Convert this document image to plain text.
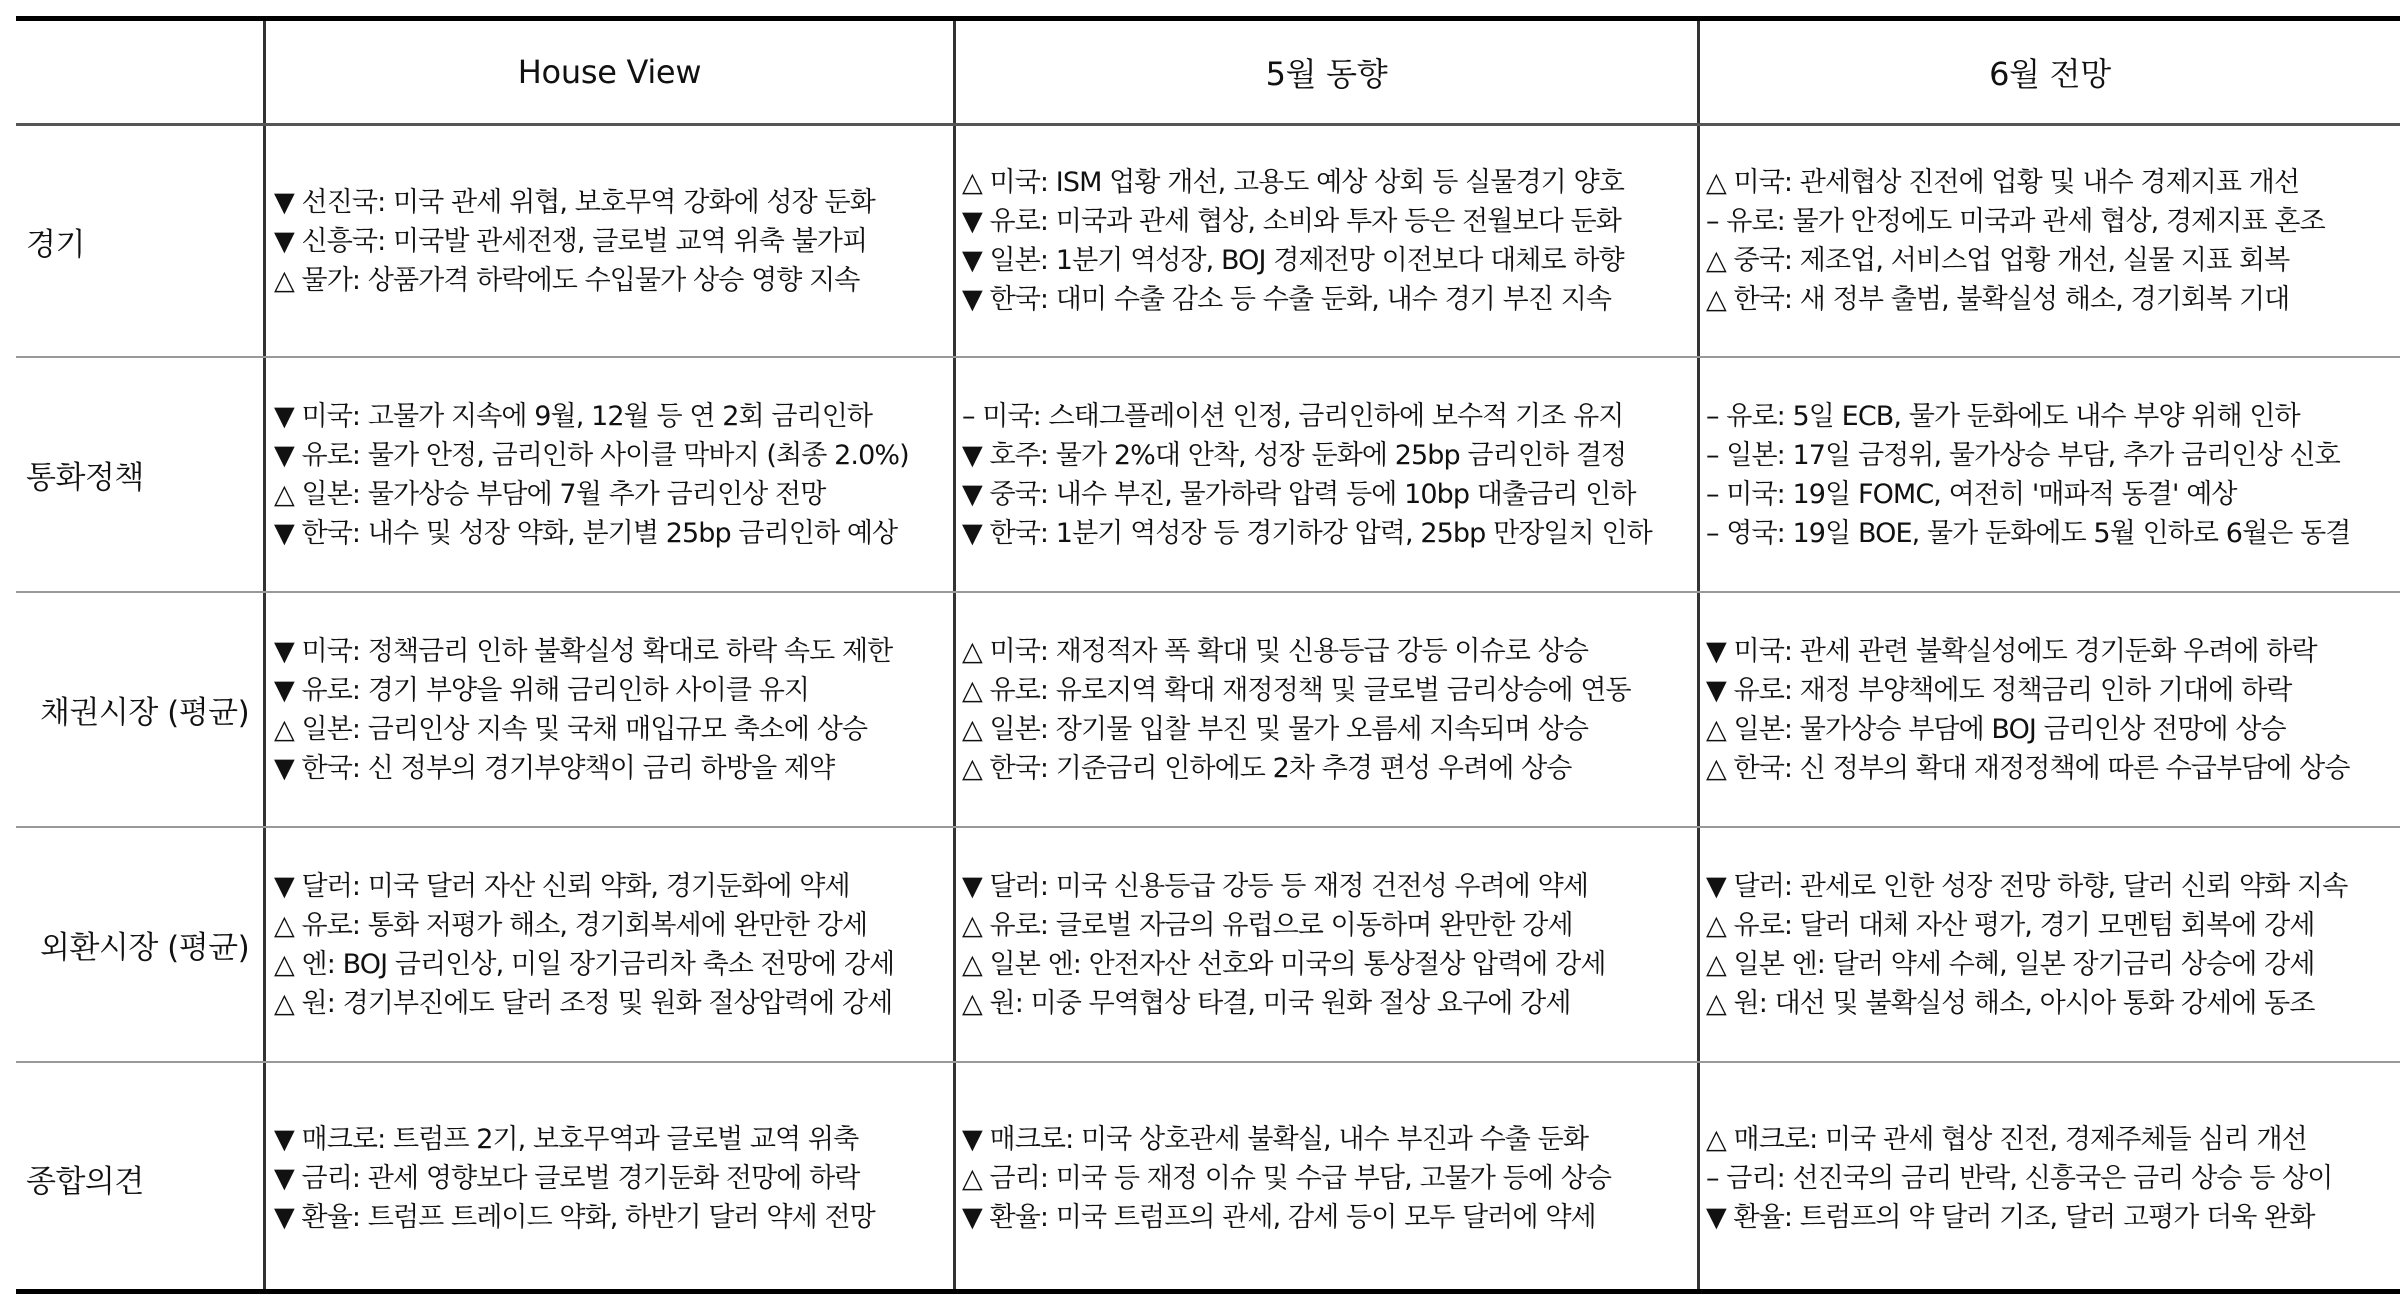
House View	5월 동향	6월 전망
경기
▼ 선진국: 미국 관세 위협, 보호무역 강화에 성장 둔화
▼ 신흥국: 미국발 관세전쟁, 글로벌 교역 위축 불가피
△ 물가: 상품가격 하락에도 수입물가 상승 영향 지속
△ 미국: ISM 업황 개선, 고용도 예상 상회 등 실물경기 양호
▼ 유로: 미국과 관세 협상, 소비와 투자 등은 전월보다 둔화
▼ 일본: 1분기 역성장, BOJ 경제전망 이전보다 대체로 하향
▼ 한국: 대미 수출 감소 등 수출 둔화, 내수 경기 부진 지속
△ 미국: 관세협상 진전에 업황 및 내수 경제지표 개선
– 유로: 물가 안정에도 미국과 관세 협상, 경제지표 혼조
△ 중국: 제조업, 서비스업 업황 개선, 실물 지표 회복
△ 한국: 새 정부 출범, 불확실성 해소, 경기회복 기대
통화정책
▼ 미국: 고물가 지속에 9월, 12월 등 연 2회 금리인하
▼ 유로: 물가 안정, 금리인하 사이클 막바지 (최종 2.0%)
△ 일본: 물가상승 부담에 7월 추가 금리인상 전망
▼ 한국: 내수 및 성장 약화, 분기별 25bp 금리인하 예상
– 미국: 스태그플레이션 인정, 금리인하에 보수적 기조 유지
▼ 호주: 물가 2%대 안착, 성장 둔화에 25bp 금리인하 결정
▼ 중국: 내수 부진, 물가하락 압력 등에 10bp 대출금리 인하
▼ 한국: 1분기 역성장 등 경기하강 압력, 25bp 만장일치 인하
– 유로: 5일 ECB, 물가 둔화에도 내수 부양 위해 인하
– 일본: 17일 금정위, 물가상승 부담, 추가 금리인상 신호
– 미국: 19일 FOMC, 여전히 '매파적 동결' 예상
– 영국: 19일 BOE, 물가 둔화에도 5월 인하로 6월은 동결
채권시장 (평균)
▼ 미국: 정책금리 인하 불확실성 확대로 하락 속도 제한
▼ 유로: 경기 부양을 위해 금리인하 사이클 유지
△ 일본: 금리인상 지속 및 국채 매입규모 축소에 상승
▼ 한국: 신 정부의 경기부양책이 금리 하방을 제약
△ 미국: 재정적자 폭 확대 및 신용등급 강등 이슈로 상승
△ 유로: 유로지역 확대 재정정책 및 글로벌 금리상승에 연동
△ 일본: 장기물 입찰 부진 및 물가 오름세 지속되며 상승
△ 한국: 기준금리 인하에도 2차 추경 편성 우려에 상승
▼ 미국: 관세 관련 불확실성에도 경기둔화 우려에 하락
▼ 유로: 재정 부양책에도 정책금리 인하 기대에 하락
△ 일본: 물가상승 부담에 BOJ 금리인상 전망에 상승
△ 한국: 신 정부의 확대 재정정책에 따른 수급부담에 상승
외환시장 (평균)
▼ 달러: 미국 달러 자산 신뢰 약화, 경기둔화에 약세
△ 유로: 통화 저평가 해소, 경기회복세에 완만한 강세
△ 엔: BOJ 금리인상, 미일 장기금리차 축소 전망에 강세
△ 원: 경기부진에도 달러 조정 및 원화 절상압력에 강세
▼ 달러: 미국 신용등급 강등 등 재정 건전성 우려에 약세
△ 유로: 글로벌 자금의 유럽으로 이동하며 완만한 강세
△ 일본 엔: 안전자산 선호와 미국의 통상절상 압력에 강세
△ 원: 미중 무역협상 타결, 미국 원화 절상 요구에 강세
▼ 달러: 관세로 인한 성장 전망 하향, 달러 신뢰 약화 지속
△ 유로: 달러 대체 자산 평가, 경기 모멘텀 회복에 강세
△ 일본 엔: 달러 약세 수혜, 일본 장기금리 상승에 강세
△ 원: 대선 및 불확실성 해소, 아시아 통화 강세에 동조
종합의견
▼ 매크로: 트럼프 2기, 보호무역과 글로벌 교역 위축
▼ 금리: 관세 영향보다 글로벌 경기둔화 전망에 하락
▼ 환율: 트럼프 트레이드 약화, 하반기 달러 약세 전망
▼ 매크로: 미국 상호관세 불확실, 내수 부진과 수출 둔화
△ 금리: 미국 등 재정 이슈 및 수급 부담, 고물가 등에 상승
▼ 환율: 미국 트럼프의 관세, 감세 등이 모두 달러에 약세
△ 매크로: 미국 관세 협상 진전, 경제주체들 심리 개선
– 금리: 선진국의 금리 반락, 신흥국은 금리 상승 등 상이
▼ 환율: 트럼프의 약 달러 기조, 달러 고평가 더욱 완화
